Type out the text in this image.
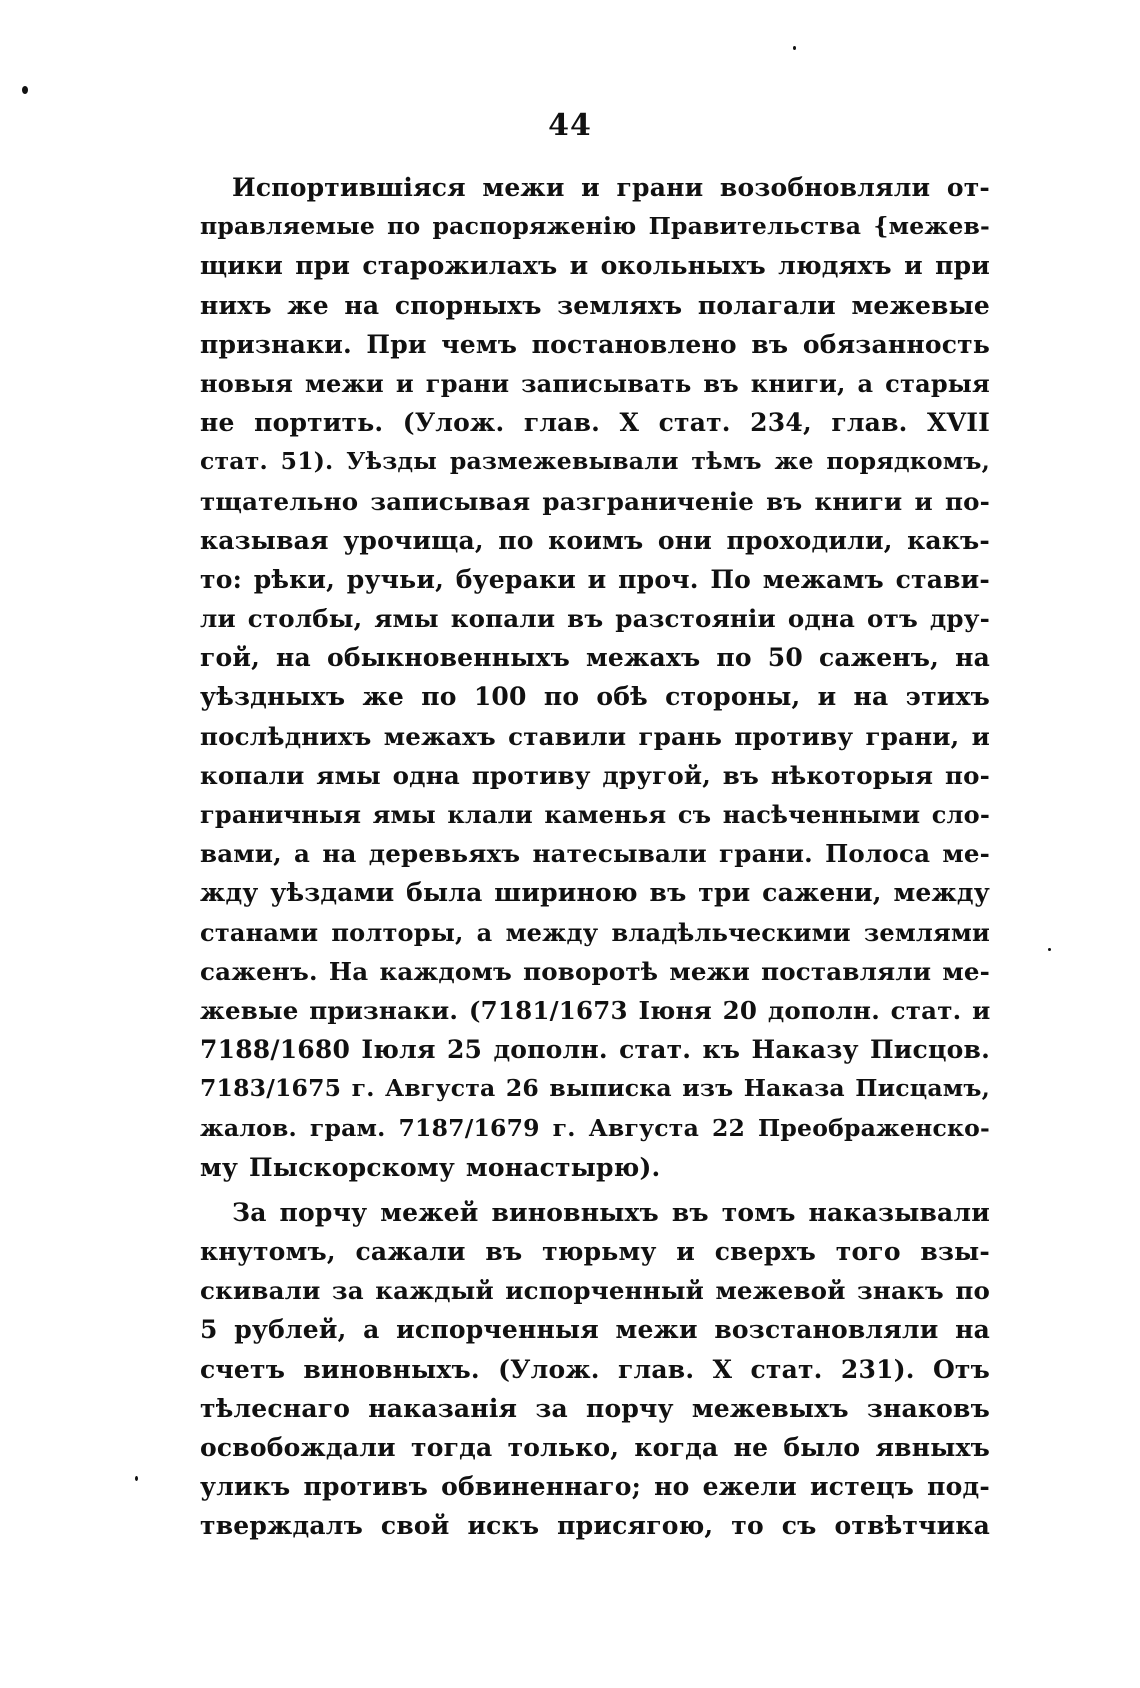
44
Испортившіяся межи и грани возобновляли от-
правляемые по распоряженію Правительства {межев-
щики при старожилахъ и окольныхъ людяхъ и при
нихъ же на спорныхъ земляхъ полагали межевые
признаки. При чемъ постановлено въ обязанность
новыя межи и грани записывать въ книги, а старыя
не портить. (Улож. глав. Х стат. 234, глав. XVII
стат. 51). Уѣзды размежевывали тѣмъ же порядкомъ,
тщательно записывая разграниченіе въ книги и по-
казывая урочища, по коимъ они проходили, какъ-
то: рѣки, ручьи, буераки и проч. По межамъ стави-
ли столбы, ямы копали въ разстояніи одна отъ дру-
гой, на обыкновенныхъ межахъ по 50 саженъ, на
уѣздныхъ же по 100 по обѣ стороны, и на этихъ
послѣднихъ межахъ ставили грань противу грани, и
копали ямы одна противу другой, въ нѣкоторыя по-
граничныя ямы клали каменья съ насѣченными сло-
вами, а на деревьяхъ натесывали грани. Полоса ме-
жду уѣздами была шириною въ три сажени, между
станами полторы, а между владѣльческими землями
саженъ. На каждомъ поворотѣ межи поставляли ме-
жевые признаки. (7181/1673 Іюня 20 дополн. стат. и
7188/1680 Іюля 25 дополн. стат. къ Наказу Писцов.
7183/1675 г. Августа 26 выписка изъ Наказа Писцамъ,
жалов. грам. 7187/1679 г. Августа 22 Преображенско-
му Пыскорскому монастырю).
За порчу межей виновныхъ въ томъ наказывали
кнутомъ, сажали въ тюрьму и сверхъ того взы-
скивали за каждый испорченный межевой знакъ по
5 рублей, а испорченныя межи возстановляли на
счетъ виновныхъ. (Улож. глав. Х стат. 231). Отъ
тѣлеснаго наказанія за порчу межевыхъ знаковъ
освобождали тогда только, когда не было явныхъ
уликъ противъ обвиненнаго; но ежели истецъ под-
тверждалъ свой искъ присягою, то съ отвѣтчика
